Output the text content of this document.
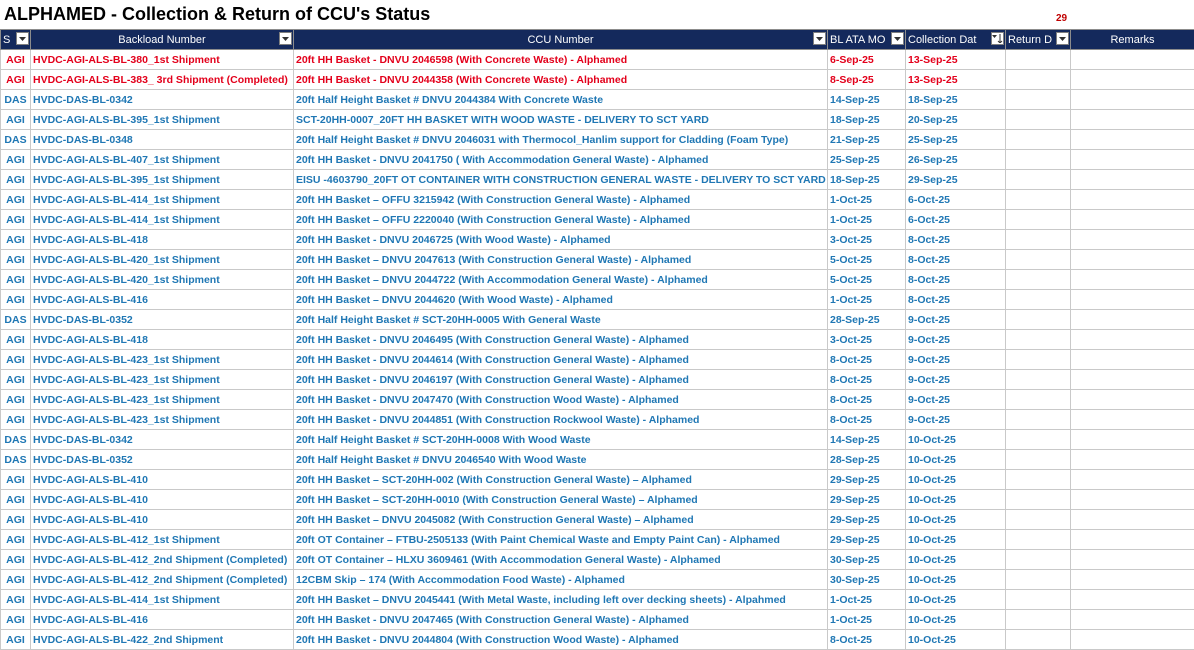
ALPHAMED - Collection & Return of CCU's Status	29
S	Backload Number	CCU Number	BL ATA MO	Collection Dat	Return D	Remarks
AGI	HVDC-AGI-ALS-BL-380_1st Shipment	20ft HH Basket - DNVU 2046598 (With Concrete Waste) - Alphamed	6-Sep-25	13-Sep-25		
AGI	HVDC-AGI-ALS-BL-383_ 3rd Shipment (Completed)	20ft HH Basket - DNVU 2044358 (With Concrete Waste) - Alphamed	8-Sep-25	13-Sep-25		
DAS	HVDC-DAS-BL-0342	20ft Half Height Basket # DNVU 2044384 With Concrete Waste	14-Sep-25	18-Sep-25		
AGI	HVDC-AGI-ALS-BL-395_1st Shipment	SCT-20HH-0007_20FT HH BASKET WITH WOOD WASTE - DELIVERY TO SCT YARD	18-Sep-25	20-Sep-25		
DAS	HVDC-DAS-BL-0348	20ft Half Height Basket # DNVU 2046031 with Thermocol_Hanlim support for Cladding (Foam Type)	21-Sep-25	25-Sep-25		
AGI	HVDC-AGI-ALS-BL-407_1st Shipment	20ft HH Basket - DNVU 2041750 ( With Accommodation General Waste) - Alphamed	25-Sep-25	26-Sep-25		
AGI	HVDC-AGI-ALS-BL-395_1st Shipment	EISU -4603790_20FT OT CONTAINER WITH CONSTRUCTION GENERAL WASTE - DELIVERY TO SCT YARD	18-Sep-25	29-Sep-25		
AGI	HVDC-AGI-ALS-BL-414_1st Shipment	20ft HH Basket – OFFU 3215942 (With Construction General Waste) - Alphamed	1-Oct-25	6-Oct-25		
AGI	HVDC-AGI-ALS-BL-414_1st Shipment	20ft HH Basket – OFFU 2220040 (With Construction General Waste) - Alphamed	1-Oct-25	6-Oct-25		
AGI	HVDC-AGI-ALS-BL-418	20ft HH Basket - DNVU 2046725 (With Wood Waste) - Alphamed	3-Oct-25	8-Oct-25		
AGI	HVDC-AGI-ALS-BL-420_1st Shipment	20ft HH Basket – DNVU 2047613 (With Construction General Waste) - Alphamed	5-Oct-25	8-Oct-25		
AGI	HVDC-AGI-ALS-BL-420_1st Shipment	20ft HH Basket – DNVU 2044722 (With Accommodation General Waste) - Alphamed	5-Oct-25	8-Oct-25		
AGI	HVDC-AGI-ALS-BL-416	20ft HH Basket – DNVU 2044620 (With Wood Waste) - Alphamed	1-Oct-25	8-Oct-25		
DAS	HVDC-DAS-BL-0352	20ft Half Height Basket # SCT-20HH-0005 With General Waste	28-Sep-25	9-Oct-25		
AGI	HVDC-AGI-ALS-BL-418	20ft HH Basket - DNVU 2046495 (With Construction General Waste) - Alphamed	3-Oct-25	9-Oct-25		
AGI	HVDC-AGI-ALS-BL-423_1st Shipment	20ft HH Basket - DNVU 2044614 (With Construction General Waste) - Alphamed	8-Oct-25	9-Oct-25		
AGI	HVDC-AGI-ALS-BL-423_1st Shipment	20ft HH Basket - DNVU 2046197 (With Construction General Waste) - Alphamed	8-Oct-25	9-Oct-25		
AGI	HVDC-AGI-ALS-BL-423_1st Shipment	20ft HH Basket - DNVU 2047470 (With Construction Wood Waste) - Alphamed	8-Oct-25	9-Oct-25		
AGI	HVDC-AGI-ALS-BL-423_1st Shipment	20ft HH Basket - DNVU 2044851 (With Construction Rockwool Waste) - Alphamed	8-Oct-25	9-Oct-25		
DAS	HVDC-DAS-BL-0342	20ft Half Height Basket # SCT-20HH-0008 With Wood Waste	14-Sep-25	10-Oct-25		
DAS	HVDC-DAS-BL-0352	20ft Half Height Basket # DNVU 2046540 With Wood Waste	28-Sep-25	10-Oct-25		
AGI	HVDC-AGI-ALS-BL-410	20ft HH Basket – SCT-20HH-002 (With Construction General Waste) – Alphamed	29-Sep-25	10-Oct-25		
AGI	HVDC-AGI-ALS-BL-410	20ft HH Basket – SCT-20HH-0010 (With Construction General Waste) – Alphamed	29-Sep-25	10-Oct-25		
AGI	HVDC-AGI-ALS-BL-410	20ft HH Basket – DNVU 2045082 (With Construction General Waste) – Alphamed	29-Sep-25	10-Oct-25		
AGI	HVDC-AGI-ALS-BL-412_1st Shipment	20ft OT Container – FTBU-2505133 (With Paint Chemical Waste and Empty Paint Can) - Alphamed	29-Sep-25	10-Oct-25		
AGI	HVDC-AGI-ALS-BL-412_2nd Shipment (Completed)	20ft OT Container – HLXU 3609461 (With Accommodation General Waste) - Alphamed	30-Sep-25	10-Oct-25		
AGI	HVDC-AGI-ALS-BL-412_2nd Shipment (Completed)	12CBM Skip – 174 (With Accommodation Food Waste) - Alphamed	30-Sep-25	10-Oct-25		
AGI	HVDC-AGI-ALS-BL-414_1st Shipment	20ft HH Basket – DNVU 2045441 (With Metal Waste, including left over decking sheets) - Alpahmed	1-Oct-25	10-Oct-25		
AGI	HVDC-AGI-ALS-BL-416	20ft HH Basket - DNVU 2047465 (With Construction General Waste) - Alphamed	1-Oct-25	10-Oct-25		
AGI	HVDC-AGI-ALS-BL-422_2nd Shipment	20ft HH Basket - DNVU 2044804 (With Construction Wood Waste) - Alphamed	8-Oct-25	10-Oct-25		
